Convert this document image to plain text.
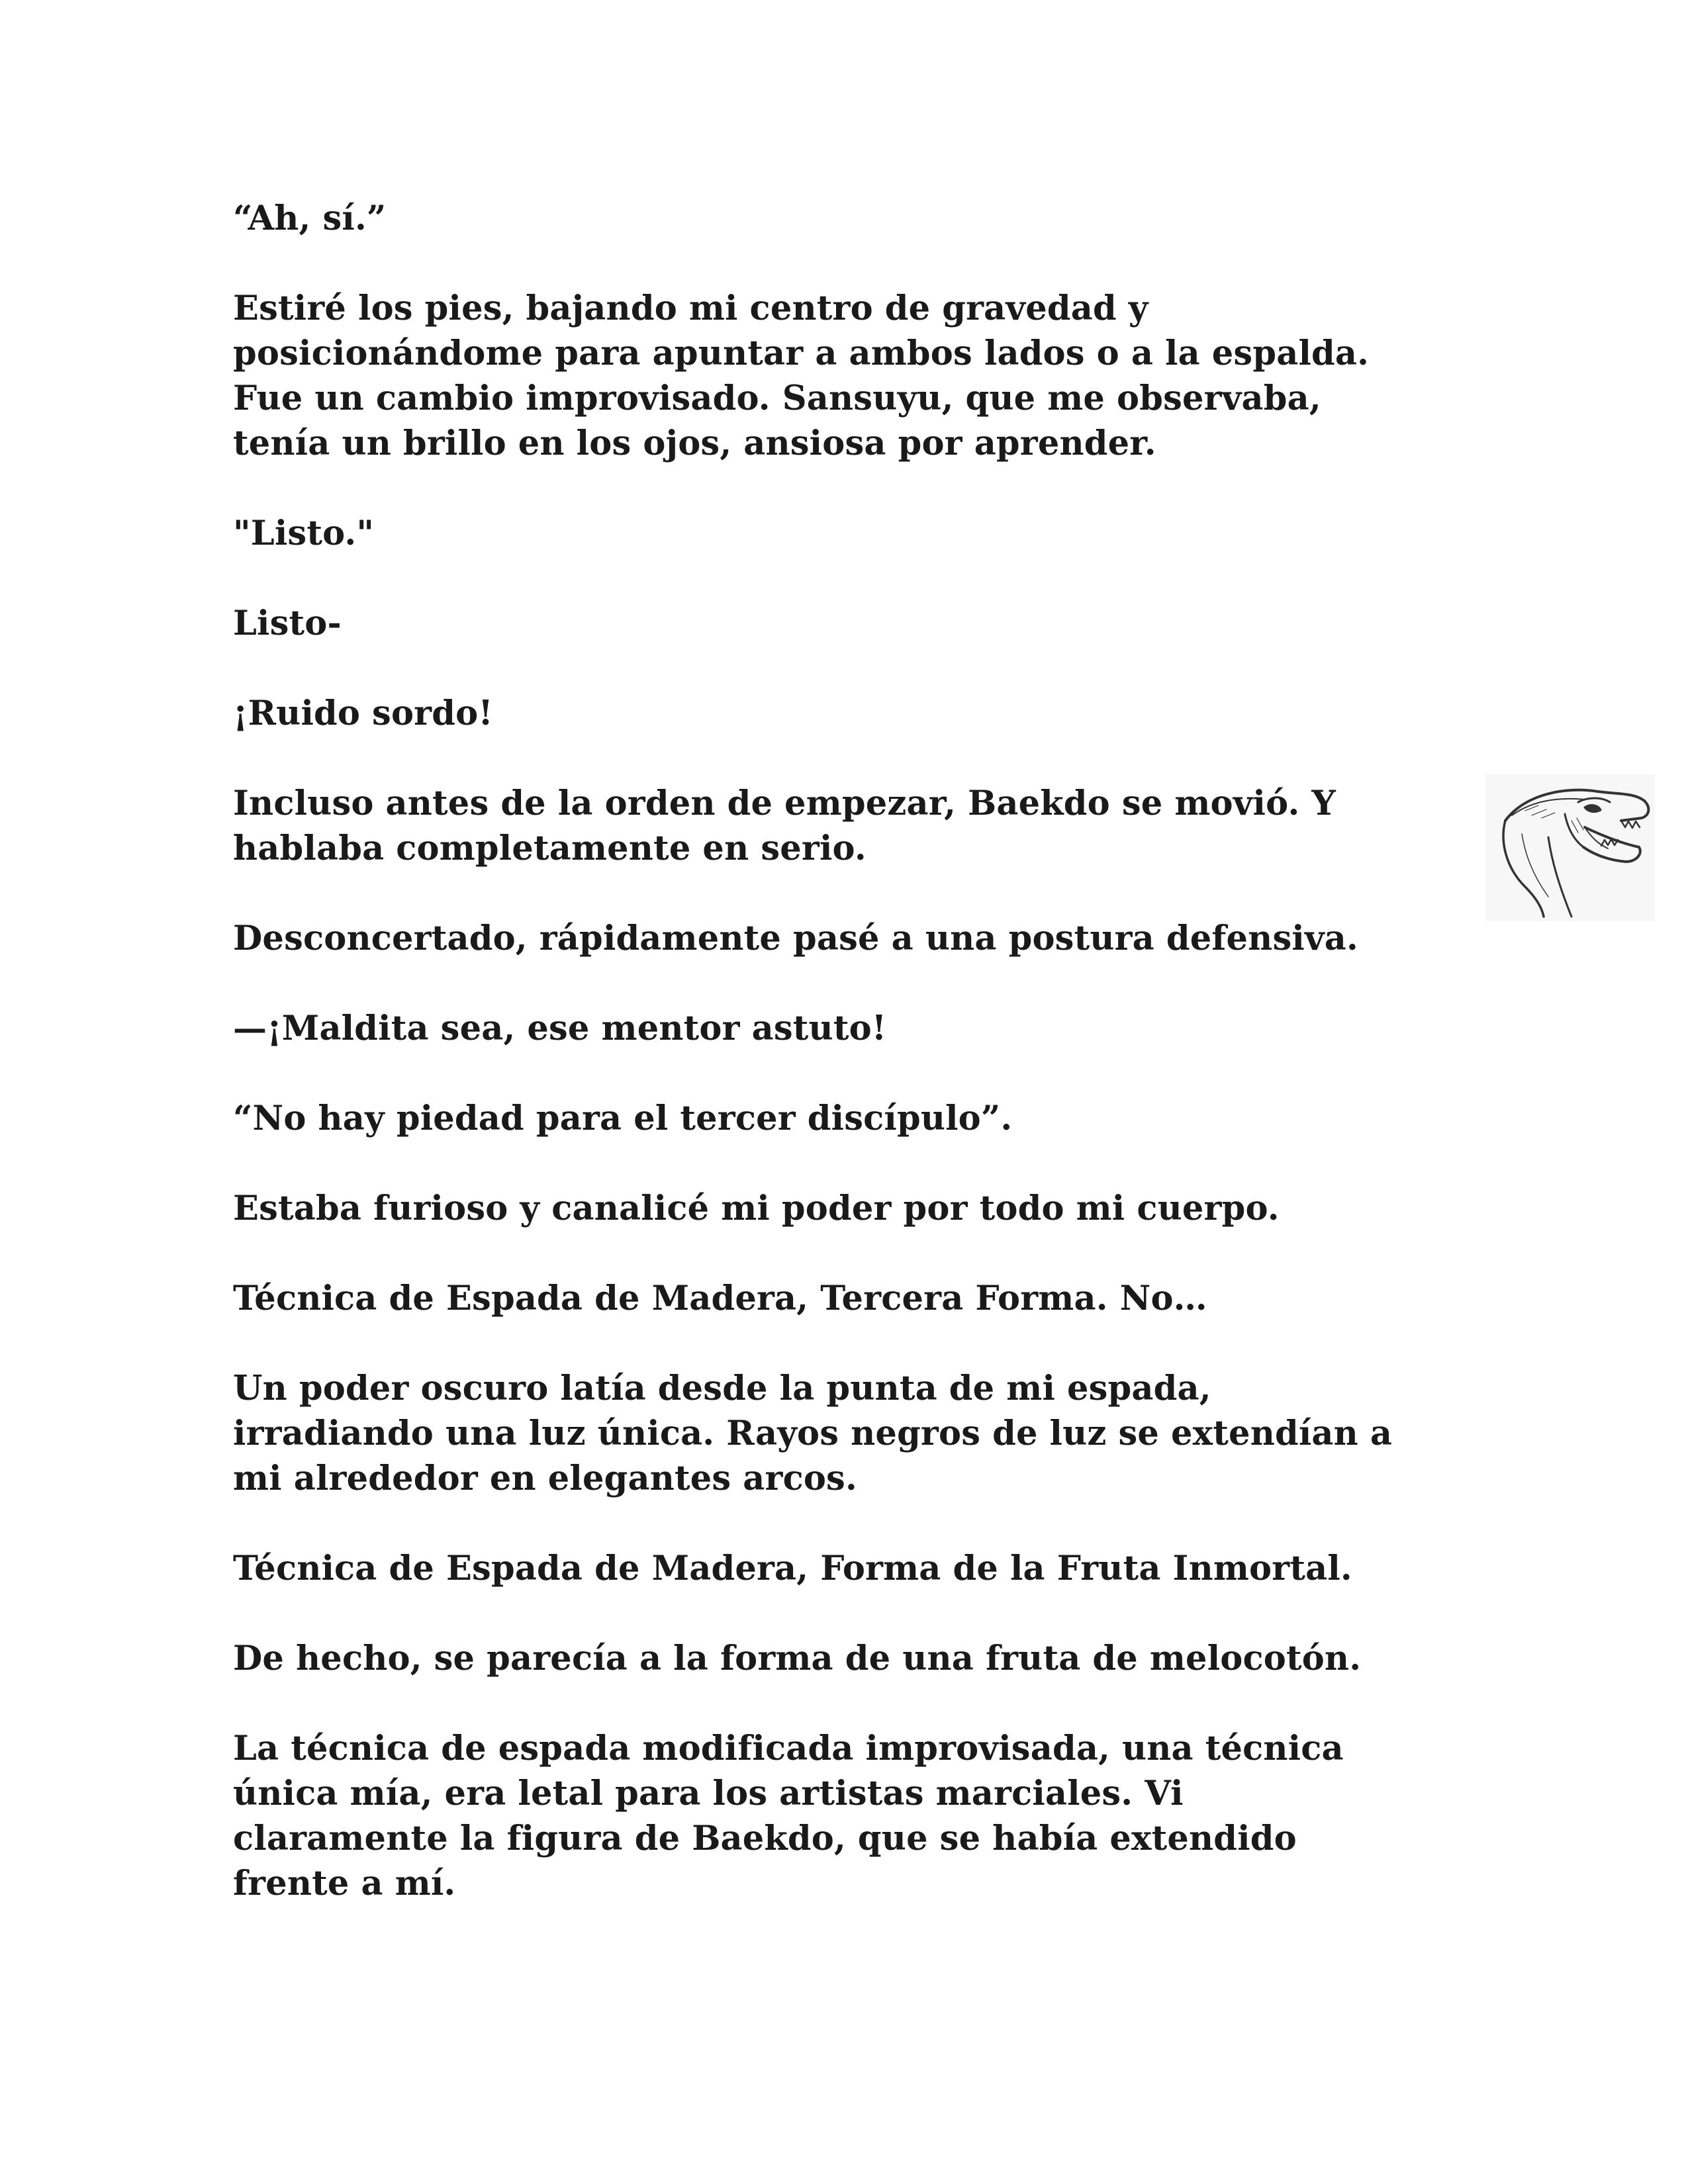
“Ah, sí.”

Estiré los pies, bajando mi centro de gravedad y
posicionándome para apuntar a ambos lados o a la espalda.
Fue un cambio improvisado. Sansuyu, que me observaba,
tenía un brillo en los ojos, ansiosa por aprender.

"Listo."

Listo-

¡Ruido sordo!

Incluso antes de la orden de empezar, Baekdo se movió. Y
hablaba completamente en serio.

Desconcertado, rápidamente pasé a una postura defensiva.

—¡Maldita sea, ese mentor astuto!

“No hay piedad para el tercer discípulo”.

Estaba furioso y canalicé mi poder por todo mi cuerpo.

Técnica de Espada de Madera, Tercera Forma. No…

Un poder oscuro latía desde la punta de mi espada,
irradiando una luz única. Rayos negros de luz se extendían a
mi alrededor en elegantes arcos.

Técnica de Espada de Madera, Forma de la Fruta Inmortal.

De hecho, se parecía a la forma de una fruta de melocotón.

La técnica de espada modificada improvisada, una técnica
única mía, era letal para los artistas marciales. Vi
claramente la figura de Baekdo, que se había extendido
frente a mí.
